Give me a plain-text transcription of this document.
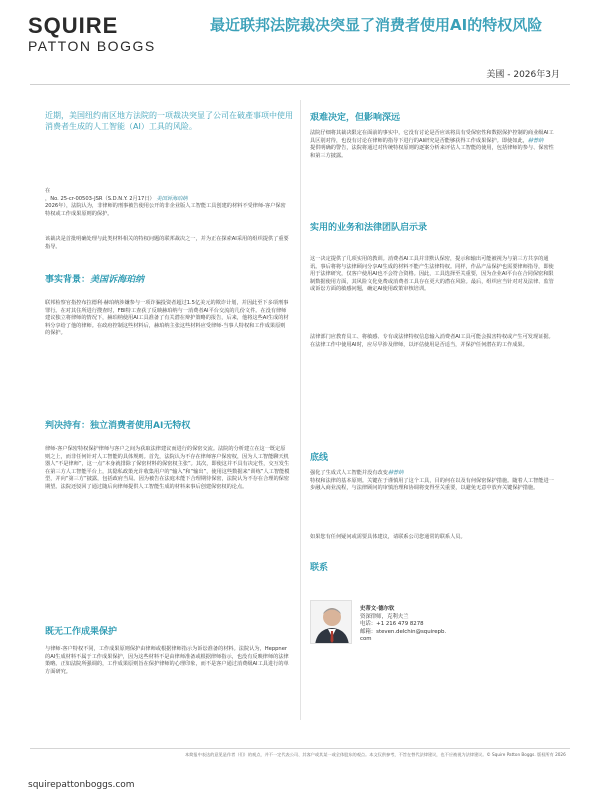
SQUIRE
PATTON BOGGS
最近联邦法院裁决突显了消费者使用AI的特权风险
美國 - 2026年3月
近期，美国纽约南区地方法院的一项裁决突显了公司在破產事项中使用消费者生成的人工智能（AI）工具的风险。

在
，No. 25-cr-00503-JSR（S.D.N.Y. 2月17日） 美国诉海珀纳
2026年），法院认为，非律师的刑事被告使用公开的非企业版人工智能工具创建的材料不受律师-客户保密特权或工作成果原则的保护。

该裁决是首批明确处理与此类材料相关的特权问题的联邦裁决之一，并为正在探索AI采用的组织提供了重要指导。

事实背景：美国诉海珀纳

联邦检察官指控布拉德利·赫珀纳涉嫌参与一项诈骗投资者超过1.5亿美元的欺诈计划，并因此至下多项刑事罪行。在对其住所进行搜查时，FBI特工查获了反映赫珀纳与一消费者AI平台交流的几份文件。在没有律师建议独立将律师的情况下，赫珀纳使用AI工具准备了有关潜在辩护策略的报告，后来，他将这些AI生成的材料分享给了他的律师。在政府控制这些材料后，赫珀纳主张这些材料应受律师-当事人特权和工作成果原则的保护。

判决持有：独立消费者使用AI无特权

律师-客户保密特权保护律师与客户之间为获取法律建议而进行的保密交流。法院的分析建立在这一既定原则之上，而非任何针对人工智能的具体规则。首先，法院认为不存在律师客户保密权，因为人工智能聊天机器人“不是律师”，这一点“本身就排除了保密材料的保密权主张”。其次，即使这并不具有决定性，交互发生在第三方人工智能平台上，其隐私政策允许收集用户的“输入”和“输出”，使用这些数据来“训练”人工智能模型，并向“第三方”披露，包括政府当局。因为被告在法庭未能下合理期待保密，法院认为不存在合理的保密期望。法院还驳回了通过随后向律师提供人工智能生成的材料来事后创建保密权的论点。

既无工作成果保护

与律师-客户特权不同，工作成果原则保护由律师或根据律师指示为诉讼准备的材料。法院认为，Heppner的AI生成材料不属于工作成果保护，因为这些材料不是由律师准备或根据律师指示，也没有反映律师的法律策略。正如法院所强调的，工作成果原则旨在保护律师的心理印象，而不是客户通过消费级AI工具进行的单方面研究。

艰难决定，但影响深远

法院仔细将其裁决限定在面前的事实中，它没有讨论是否应该将具有受保密性和数据保护控制的商业级AI工具区别对待，也没有讨论在律师的指导下进行的AI研究是否能够获得工作成果保护。即使如此，赫普纳
提供明确的警告，法院将通过对传统特权原则的逐案分析来评估人工智能的使用，包括律师的参与、保密性和第三方披露。

实用的业务和法律团队启示录

这一决定提供了几项实用的教训。消费者AI工具并非默认保密，提示和输出可能被视为与第三方共享的通讯。事后将将与法律顾问分享AI生成的材料不能产生法律特权。同样，作品产品保护也需要律师指导，即使用于法律研究，仅客户使用AI也不会符合资格。因此，工具选择至关重要，因为企业AI平台在合同保密和限制数据使用方面，其风险文化免费或消费者工具存在更大的潜在风险。最后，组织应当针对对及法律、监管或诉讼方面的敏感问题，确定AI使用政策审核培训。

法律部门应教育员工、将敏感、专有或法律特权信息输入消费者AI工具可能会损害特权或产生可发现证据。在法律工作中使用AI时，应尽早涉及律师，以评估使用是否适当，并保护任何潜在的工作成果。

底线

强化了生成式人工智能并没有改变赫普纳
特权和法律的基本原则。关键在于谨慎用了这个工具，目的何在以及有何保密保护措施。随着人工智能进一步融入商业流程，与法律顾问的审慎治理和协调将变得至关重要，以避免无意中放弃关键保护措施。

如果您有任何疑问或需要具体建议，请联系公司您通常的联系人员。

联系
史蒂文·德尔钦
资深律师，克利夫兰
电话：+1 216 479 8278
邮箱：steven.delchin@squirepb.
com
本简报中表达的意见是作者（们）的观点，并不一定代表公司、其客户或其某一或全体股东的观点。本文仅供参考，不旨在替代法律建议，也不应被视为法律建议。© Squire Patton Boggs. 版权所有 2026
squirepattonboggs.com
